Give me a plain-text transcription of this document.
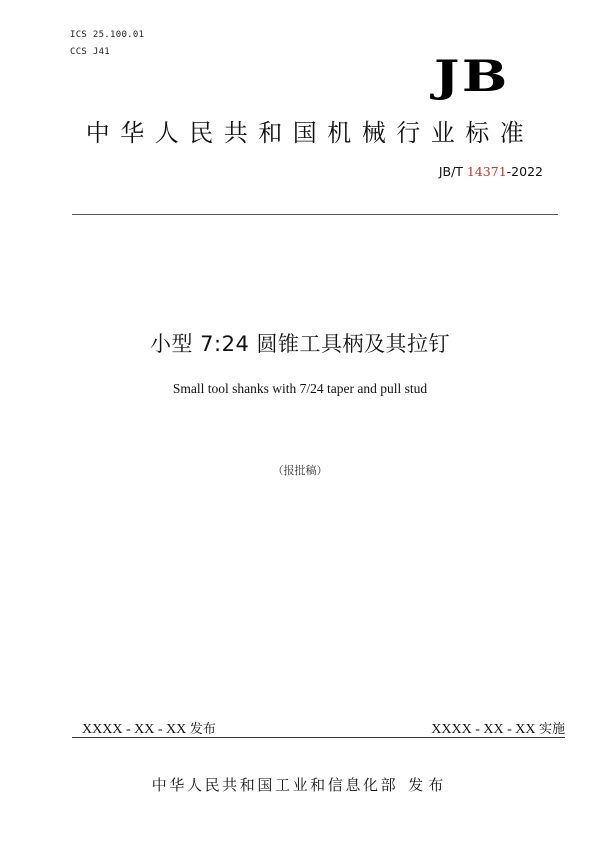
ICS 25.100.01
CCS J41	JB
中华人民共和国机械行业标准
JB/T 14371-2022
小型 7:24 圆锥工具柄及其拉钉
Small tool shanks with 7/24 taper and pull stud
（报批稿）
XXXX - XX - XX 发布	XXXX - XX - XX 实施
中华人民共和国工业和信息化部 发布
